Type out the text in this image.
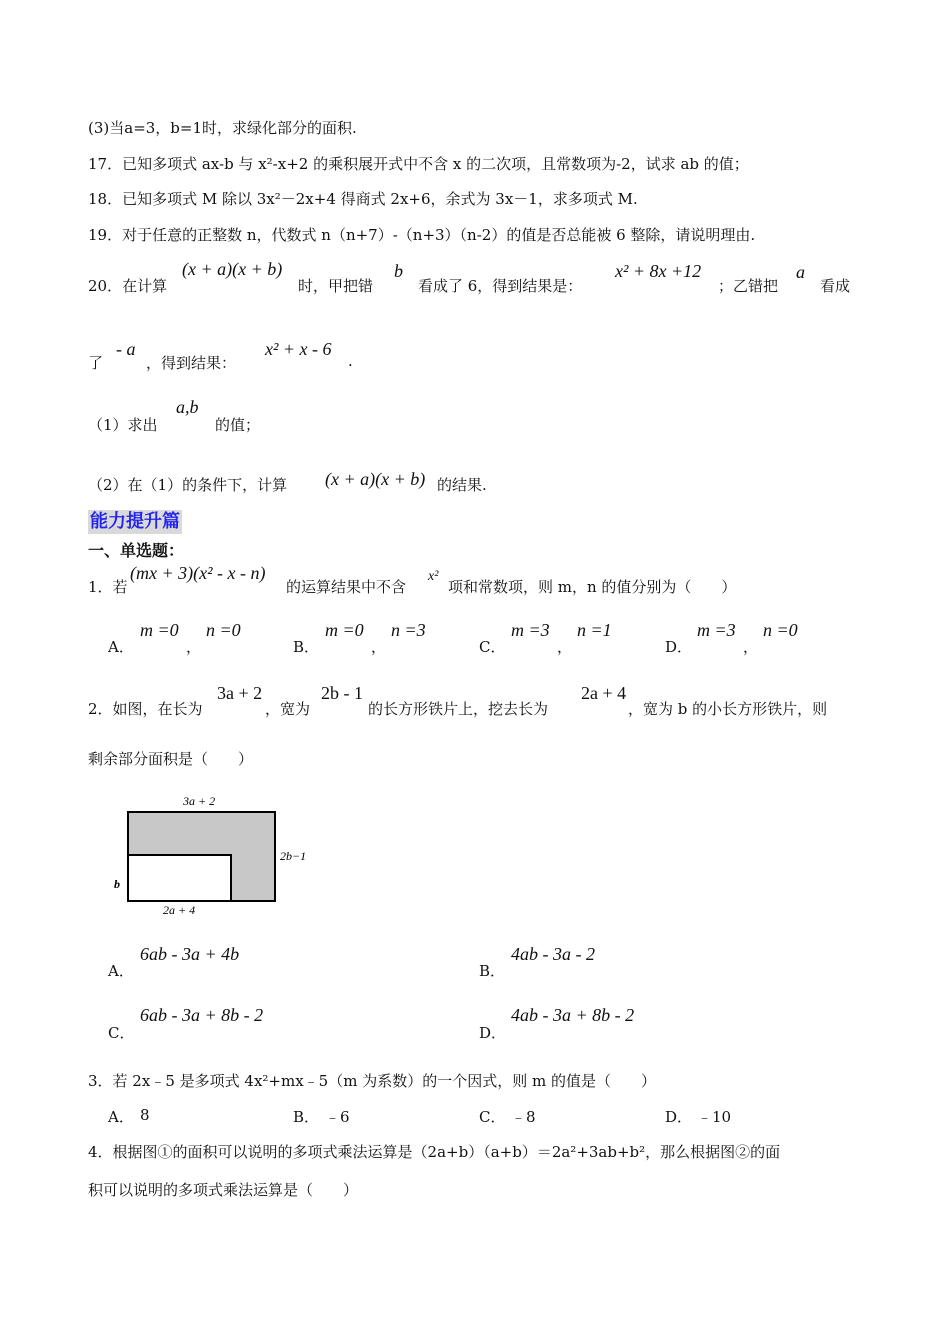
(3)当a=3，b=1时，求绿化部分的面积.
17．已知多项式 ax-b 与 x²-x+2 的乘积展开式中不含 x 的二次项，且常数项为-2，试求 ab 的值；
18．已知多项式 M 除以 3x²－2x+4 得商式 2x+6，余式为 3x－1，求多项式 M.
19．对于任意的正整数 n，代数式 n（n+7）-（n+3）（n-2）的值是否总能被 6 整除，请说明理由.
20．在计算
(x + a)(x + b)
时，甲把错
b
看成了 6，得到结果是：
x² + 8x +12
；乙错把
a
看成
了
- a
，得到结果：
x² + x - 6
.
（1）求出
a,b
的值；
（2）在（1）的条件下，计算 (x + a)(x + b) 的结果.
能力提升篇
一、单选题：
1．若
(mx + 3)(x² - x - n)
的运算结果中不含
x²
项和常数项，则 m，n 的值分别为（　　）
A．
m =0
，
n =0
B．
m =0
，
n =3
C．
m =3
，
n =1
D．
m =3
，
n =0
2．如图，在长为
3a + 2
，宽为
2b - 1
的长方形铁片上，挖去长为
2a + 4
，宽为 b 的小长方形铁片，则
剩余部分面积是（　　）
3a + 2
2b−1
b
2a + 4
A．
6ab - 3a + 4b
B．
4ab - 3a - 2
C．
6ab - 3a + 8b - 2
D．
4ab - 3a + 8b - 2
3．若 2x﹣5 是多项式 4x²+mx﹣5（m 为系数）的一个因式，则 m 的值是（　　）
A． 8	B． ﹣6	C． ﹣8	D． ﹣10
4．根据图①的面积可以说明的多项式乘法运算是（2a+b）（a+b）＝2a²+3ab+b²，那么根据图②的面
积可以说明的多项式乘法运算是（　　）
